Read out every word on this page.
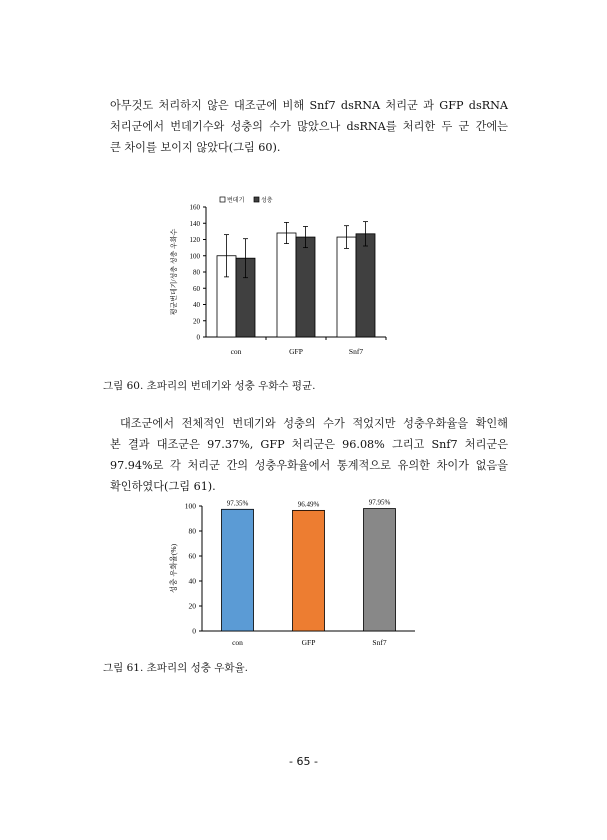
아무것도 처리하지 않은 대조군에 비해 Snf7 dsRNA 처리군 과 GFP dsRNA
처리군에서 번데기수와 성충의 수가 많았으나 dsRNA를 처리한 두 군 간에는
큰 차이를 보이지 않았다(그림 60).
0
20
40
60
80
100
120
140
160
con	GFP	Snf7
번데기	성충
평균번데기/성충 성충 우화수
그림 60. 초파리의 번데기와 성충 우화수 평균.
대조군에서 전체적인 번데기와 성충의 수가 적었지만 성충우화율을 확인해
본 결과 대조군은 97.37%, GFP 처리군은 96.08% 그리고 Snf7 처리군은
97.94%로 각 처리군 간의 성충우화율에서 통계적으로 유의한 차이가 없음을
확인하였다(그림 61).
0
20
40
60
80
100	97.35%
con
96.49%
GFP
97.95%
Snf7
성충 우화율(%)
그림 61. 초파리의 성충 우화율.
- 65 -
